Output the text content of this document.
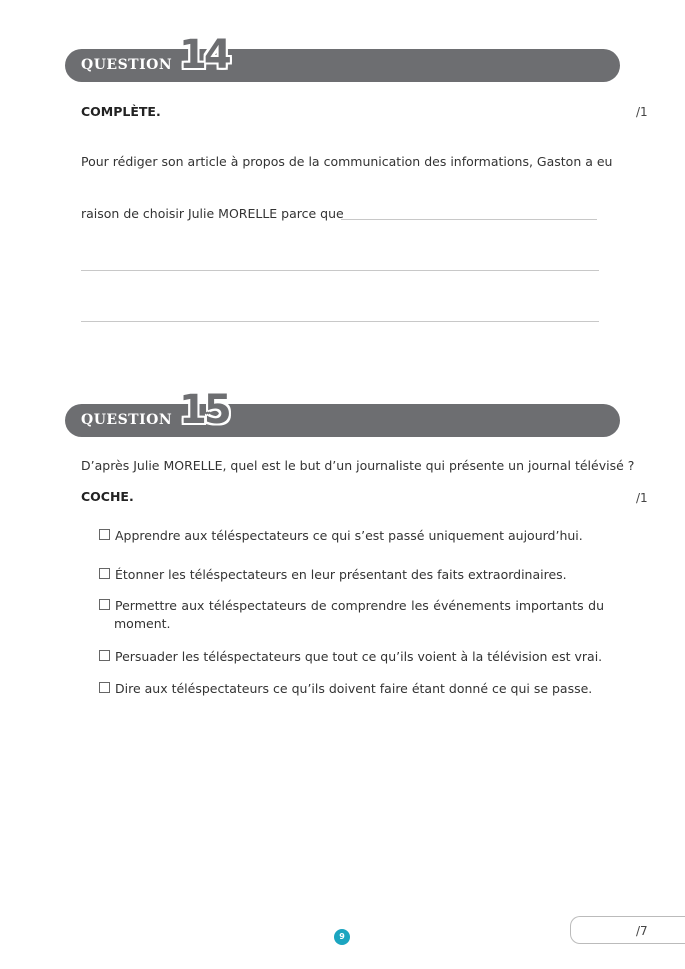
QUESTION 14
COMPLÈTE.	/1
Pour rédiger son article à propos de la communication des informations, Gaston a eu
raison de choisir Julie MORELLE parce que
QUESTION 15
D’après Julie MORELLE, quel est le but d’un journaliste qui présente un journal télévisé ?
COCHE.	/1
Apprendre aux téléspectateurs ce qui s’est passé uniquement aujourd’hui.
Étonner les téléspectateurs en leur présentant des faits extraordinaires.
Permettre aux téléspectateurs de comprendre les événements importants du
moment.
Persuader les téléspectateurs que tout ce qu’ils voient à la télévision est vrai.
Dire aux téléspectateurs ce qu’ils doivent faire étant donné ce qui se passe.
9	/7
